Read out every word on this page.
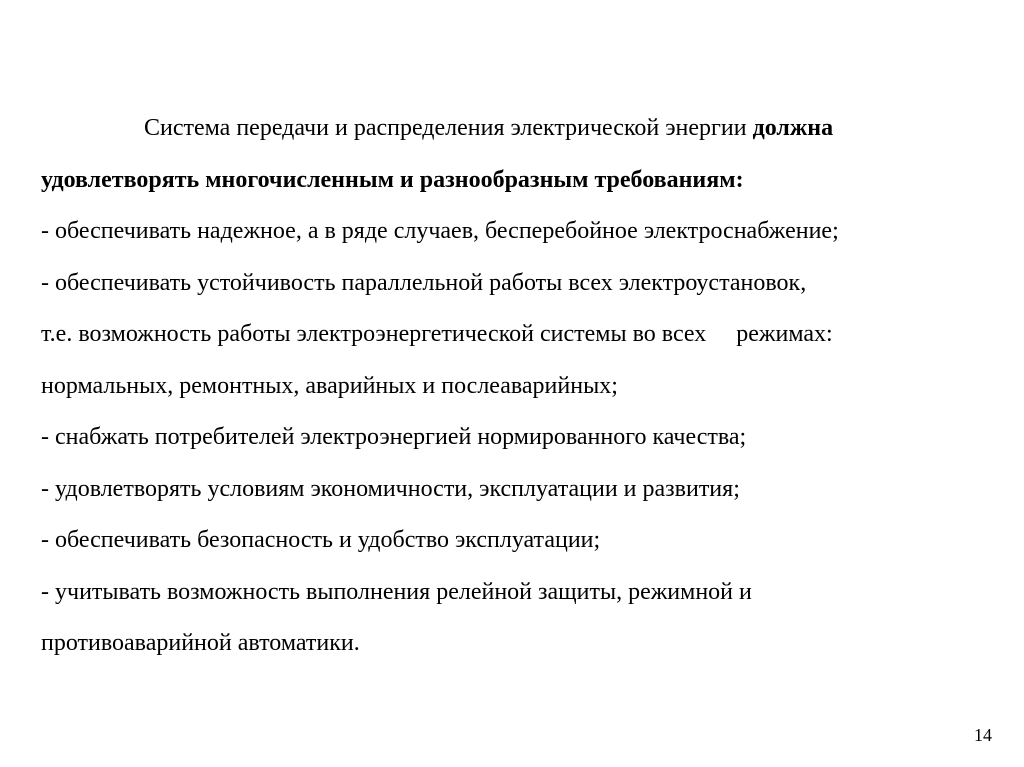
Система передачи и распределения электрической энергии должна
удовлетворять многочисленным и разнообразным требованиям:
- обеспечивать надежное, а в ряде случаев, бесперебойное электроснабжение;
- обеспечивать устойчивость параллельной работы всех электроустановок,
т.е. возможность работы электроэнергетической системы во всех режимах:
нормальных, ремонтных, аварийных и послеаварийных;
- снабжать потребителей электроэнергией нормированного качества;
- удовлетворять условиям экономичности, эксплуатации и развития;
- обеспечивать безопасность и удобство эксплуатации;
- учитывать возможность выполнения релейной защиты, режимной и
противоаварийной автоматики.
14
